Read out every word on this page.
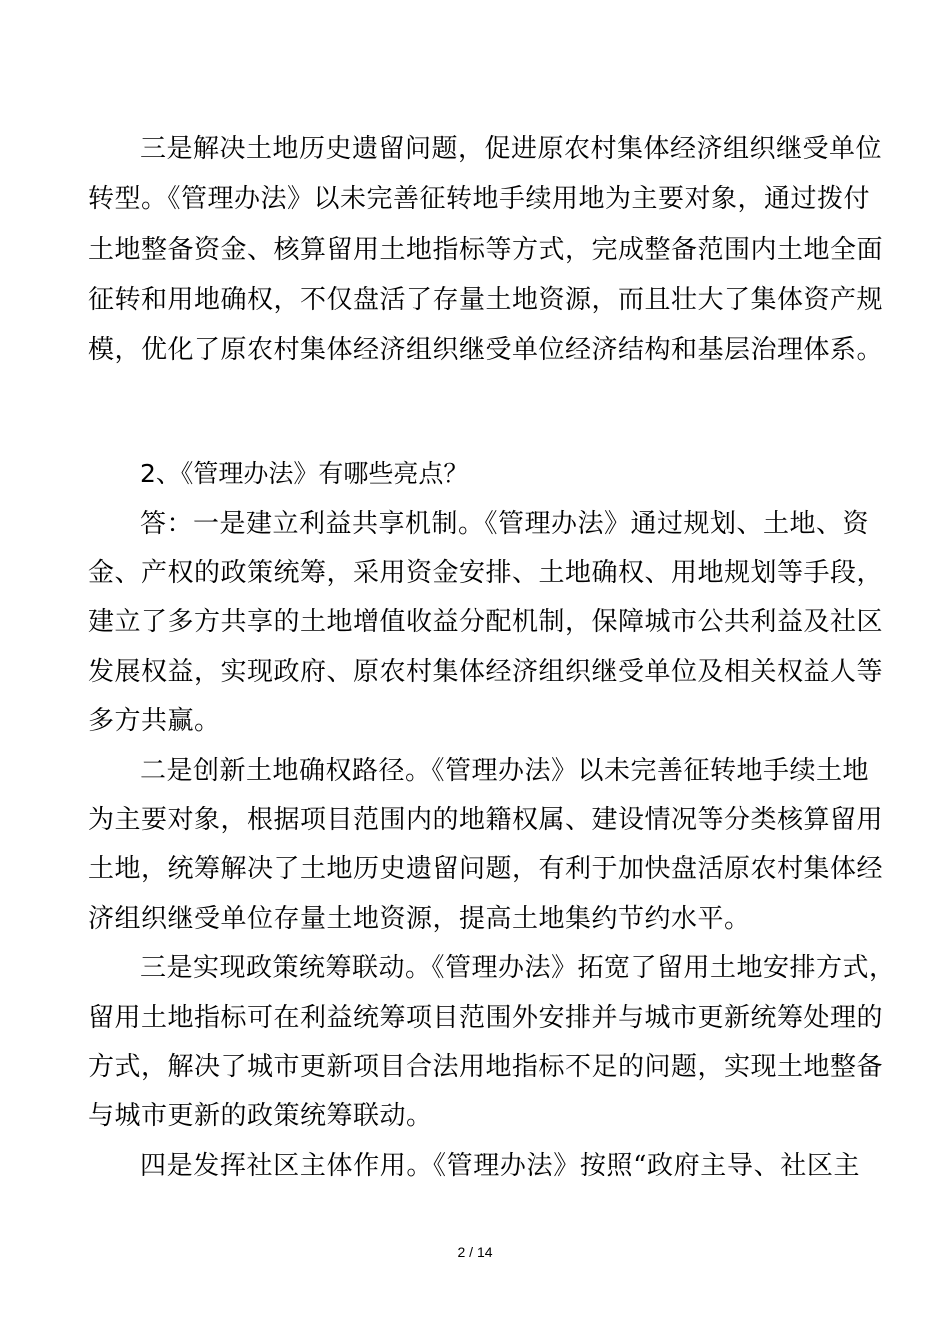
三是解决土地历史遗留问题，促进原农村集体经济组织继受单位
转型。《管理办法》以未完善征转地手续用地为主要对象，通过拨付
土地整备资金、核算留用土地指标等方式，完成整备范围内土地全面
征转和用地确权，不仅盘活了存量土地资源，而且壮大了集体资产规
模，优化了原农村集体经济组织继受单位经济结构和基层治理体系。
2、《管理办法》有哪些亮点？
答：一是建立利益共享机制。《管理办法》通过规划、土地、资
金、产权的政策统筹，采用资金安排、土地确权、用地规划等手段，
建立了多方共享的土地增值收益分配机制，保障城市公共利益及社区
发展权益，实现政府、原农村集体经济组织继受单位及相关权益人等
多方共赢。
二是创新土地确权路径。《管理办法》以未完善征转地手续土地
为主要对象，根据项目范围内的地籍权属、建设情况等分类核算留用
土地，统筹解决了土地历史遗留问题，有利于加快盘活原农村集体经
济组织继受单位存量土地资源，提高土地集约节约水平。
三是实现政策统筹联动。《管理办法》拓宽了留用土地安排方式，
留用土地指标可在利益统筹项目范围外安排并与城市更新统筹处理的
方式，解决了城市更新项目合法用地指标不足的问题，实现土地整备
与城市更新的政策统筹联动。
四是发挥社区主体作用。《管理办法》按照“政府主导、社区主
2 / 14
